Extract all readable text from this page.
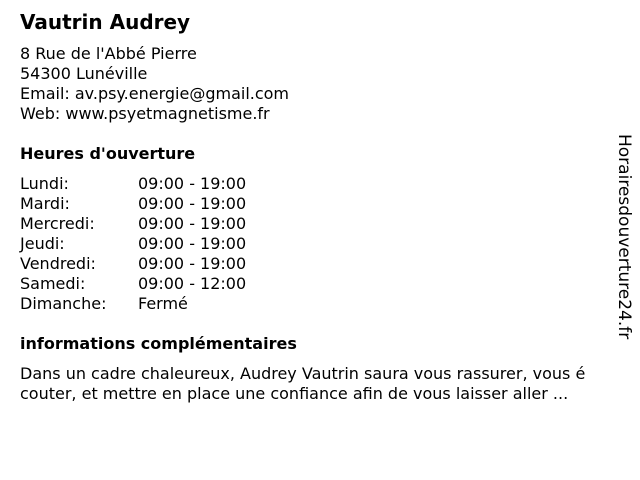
Vautrin Audrey
8 Rue de l'Abbé Pierre
54300 Lunéville
Email: av.psy.energie@gmail.com
Web: www.psyetmagnetisme.fr
Heures d'ouverture
Lundi:	09:00 - 19:00
Mardi:	09:00 - 19:00
Mercredi:	09:00 - 19:00
Jeudi:	09:00 - 19:00
Vendredi:	09:00 - 19:00
Samedi:	09:00 - 12:00
Dimanche: Fermé
informations complémentaires
Dans un cadre chaleureux, Audrey Vautrin saura vous rassurer, vous é
couter, et mettre en place une confiance afin de vous laisser aller ...
Horairesdouverture24.fr
